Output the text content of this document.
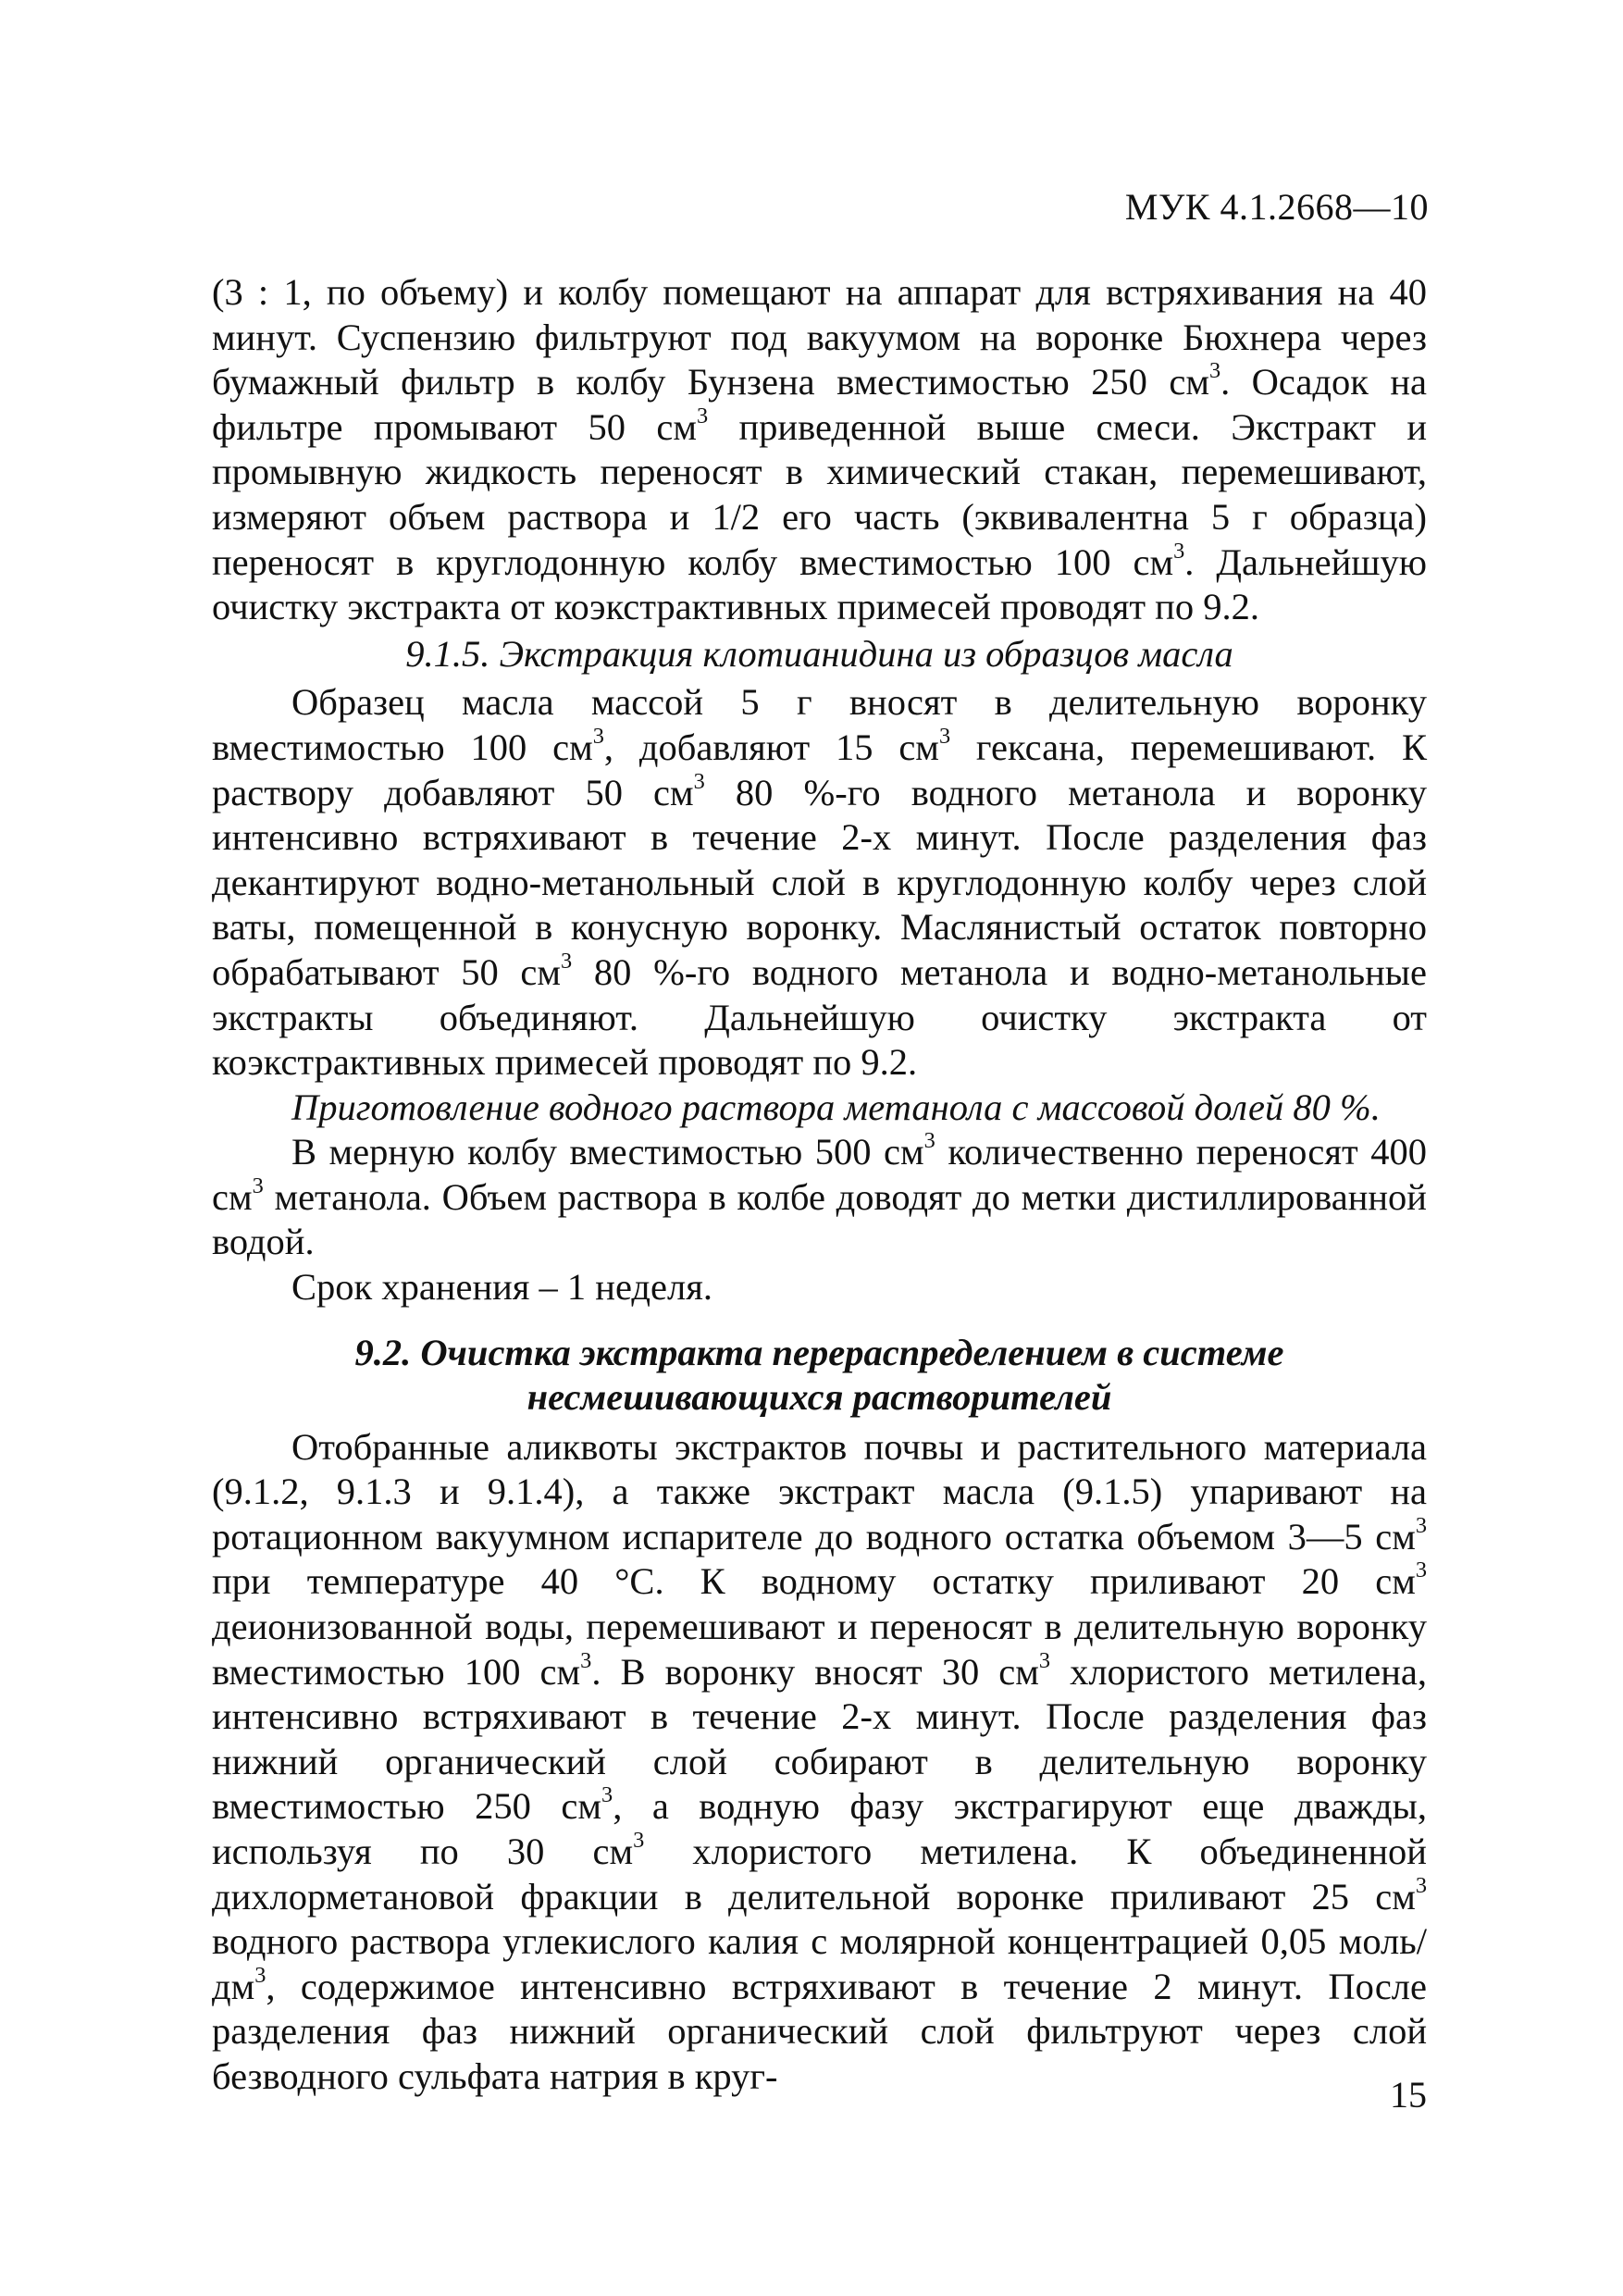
МУК 4.1.2668—10

(3 : 1, по объему) и колбу помещают на аппарат для встряхивания на 40 минут. Суспензию фильтруют под вакуумом на воронке Бюхнера через бумажный фильтр в колбу Бунзена вместимостью 250 $см^3$. Осадок на фильтре промывают 50 $см^3$ приведенной выше смеси. Экстракт и промывную жидкость переносят в химический стакан, перемешивают, измеряют объем раствора и 1/2 его часть (эквивалентна 5 г образца) переносят в круглодонную колбу вместимостью 100 $см^3$. Дальнейшую очистку экстракта от коэкстрактивных примесей проводят по 9.2.

9.1.5. Экстракция клотианидина из образцов масла

Образец масла массой 5 г вносят в делительную воронку вместимостью 100 $см^3$, добавляют 15 $см^3$ гексана, перемешивают. К раствору добавляют 50 $см^3$ 80 %-го водного метанола и воронку интенсивно встряхивают в течение 2-х минут. После разделения фаз декантируют водно-метанольный слой в круглодонную колбу через слой ваты, помещенной в конусную воронку. Маслянистый остаток повторно обрабатывают 50 $см^3$ 80 %-го водного метанола и водно-метанольные экстракты объединяют. Дальнейшую очистку экстракта от коэкстрактивных примесей проводят по 9.2.

Приготовление водного раствора метанола с массовой долей 80 %.

В мерную колбу вместимостью 500 $см^3$ количественно переносят 400 $см^3$ метанола. Объем раствора в колбе доводят до метки дистиллированной водой.

Срок хранения – 1 неделя.

9.2. Очистка экстракта перераспределением в системе
несмешивающихся растворителей

Отобранные аликвоты экстрактов почвы и растительного материала (9.1.2, 9.1.3 и 9.1.4), а также экстракт масла (9.1.5) упаривают на ротационном вакуумном испарителе до водного остатка объемом 3—5 $см^3$ при температуре 40 °С. К водному остатку приливают 20 $см^3$ деионизованной воды, перемешивают и переносят в делительную воронку вместимостью 100 $см^3$. В воронку вносят 30 $см^3$ хлористого метилена, интенсивно встряхивают в течение 2-х минут. После разделения фаз нижний органический слой собирают в делительную воронку вместимостью 250 $см^3$, а водную фазу экстрагируют еще дважды, используя по 30 $см^3$ хлористого метилена. К объединенной дихлорметановой фракции в делительной воронке приливают 25 $см^3$ водного раствора углекислого калия с молярной концентрацией 0,05 моль/$дм^3$, содержимое интенсивно встряхивают в течение 2 минут. После разделения фаз нижний органический слой фильтруют через слой безводного сульфата натрия в круг-	15
